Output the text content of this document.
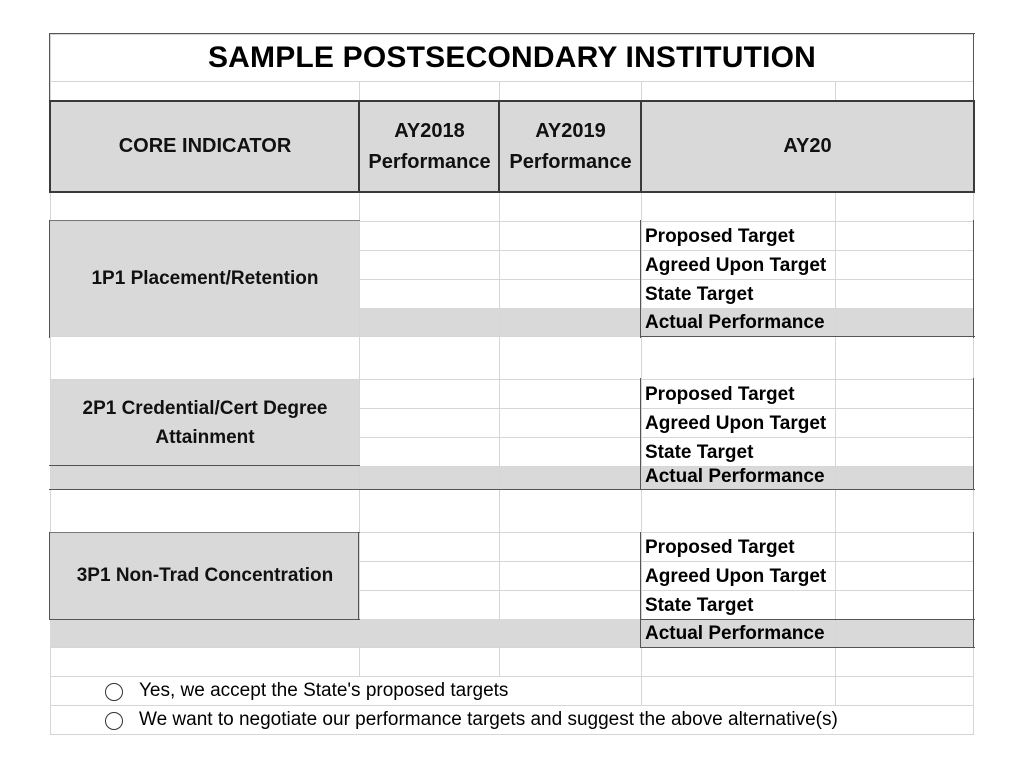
SAMPLE POSTSECONDARY INSTITUTION
CORE INDICATOR
AY2018
Performance
AY2019
Performance
AY20
1P1 Placement/Retention
Proposed Target
Agreed Upon Target
State Target
Actual Performance
2P1 Credential/Cert Degree
Attainment
Proposed Target
Agreed Upon Target
State Target
Actual Performance
3P1 Non-Trad Concentration
Proposed Target
Agreed Upon Target
State Target
Actual Performance
Yes, we accept the State's proposed targets
We want to negotiate our performance targets and suggest the above alternative(s)
